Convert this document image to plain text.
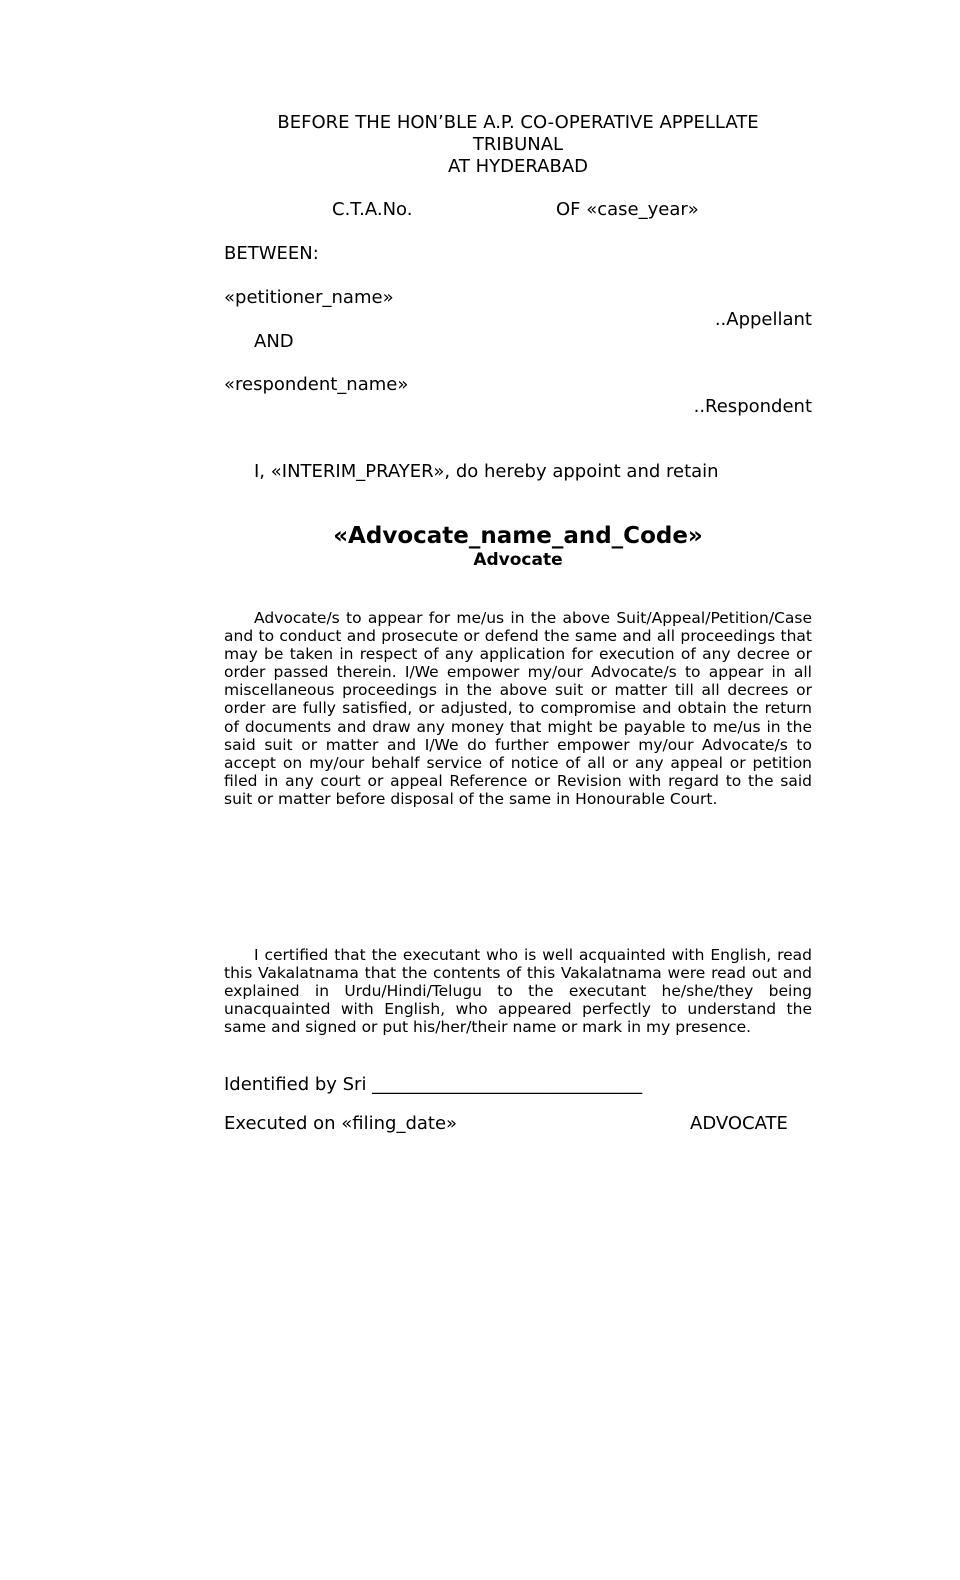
BEFORE THE HON’BLE A.P. CO-OPERATIVE APPELLATE
TRIBUNAL
AT HYDERABAD
C.T.A.No.	OF «case_year»
BETWEEN:
«petitioner_name»
..Appellant
AND
«respondent_name»
..Respondent
I, «INTERIM_PRAYER», do hereby appoint and retain
«Advocate_name_and_Code»
Advocate

Advocate/s to appear for me/us in the above Suit/Appeal/Petition/Case and to conduct and prosecute or defend the same and all proceedings that may be taken in respect of any application for execution of any decree or order passed therein. I/We empower my/our Advocate/s to appear in all miscellaneous proceedings in the above suit or matter till all decrees or order are fully satisfied, or adjusted, to compromise and obtain the return of documents and draw any money that might be payable to me/us in the said suit or matter and I/We do further empower my/our Advocate/s to accept on my/our behalf service of notice of all or any appeal or petition filed in any court or appeal Reference or Revision with regard to the said suit or matter before disposal of the same in Honourable Court.

I certified that the executant who is well acquainted with English, read this Vakalatnama that the contents of this Vakalatnama were read out and explained in Urdu/Hindi/Telugu to the executant he/she/they being unacquainted with English, who appeared perfectly to understand the same and signed or put his/her/their name or mark in my presence.

Identified by Sri ______________________________
Executed on «filing_date»	ADVOCATE
